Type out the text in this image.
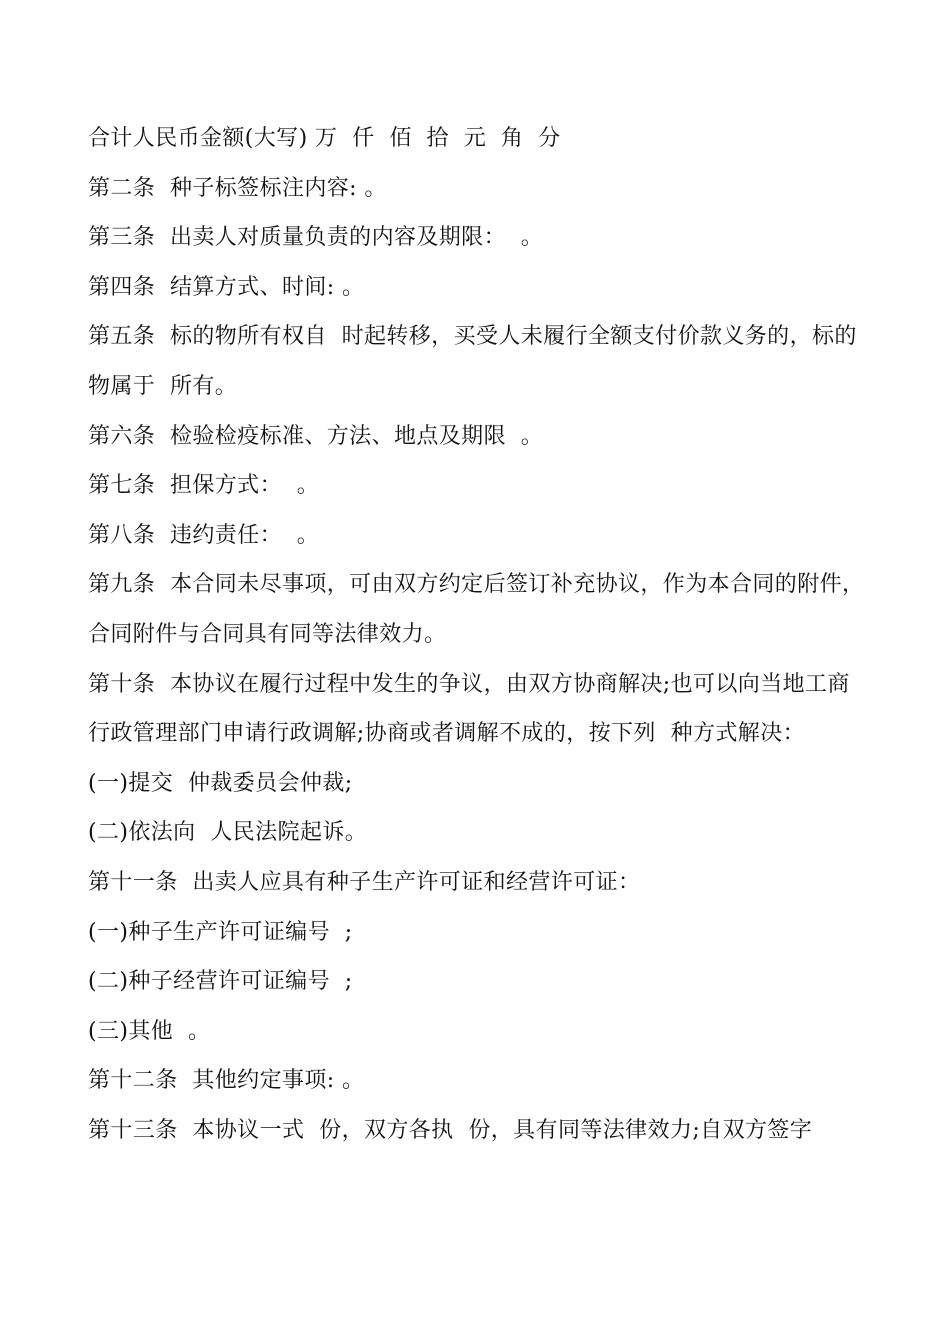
合计人民币金额(大写) 万  仟  佰  拾  元  角  分

第二条  种子标签标注内容: 。

第三条  出卖人对质量负责的内容及期限：  。

第四条  结算方式、时间: 。

第五条  标的物所有权自  时起转移，买受人未履行全额支付价款义务的，标的物属于  所有。

第六条  检验检疫标准、方法、地点及期限  。

第七条  担保方式：  。

第八条  违约责任：  。

第九条  本合同未尽事项，可由双方约定后签订补充协议，作为本合同的附件，合同附件与合同具有同等法律效力。

第十条  本协议在履行过程中发生的争议，由双方协商解决;也可以向当地工商行政管理部门申请行政调解;协商或者调解不成的，按下列  种方式解决：

(一)提交  仲裁委员会仲裁;

(二)依法向  人民法院起诉。

第十一条  出卖人应具有种子生产许可证和经营许可证：

(一)种子生产许可证编号  ;

(二)种子经营许可证编号  ;

(三)其他  。

第十二条  其他约定事项: 。

第十三条  本协议一式  份，双方各执  份，具有同等法律效力;自双方签字
